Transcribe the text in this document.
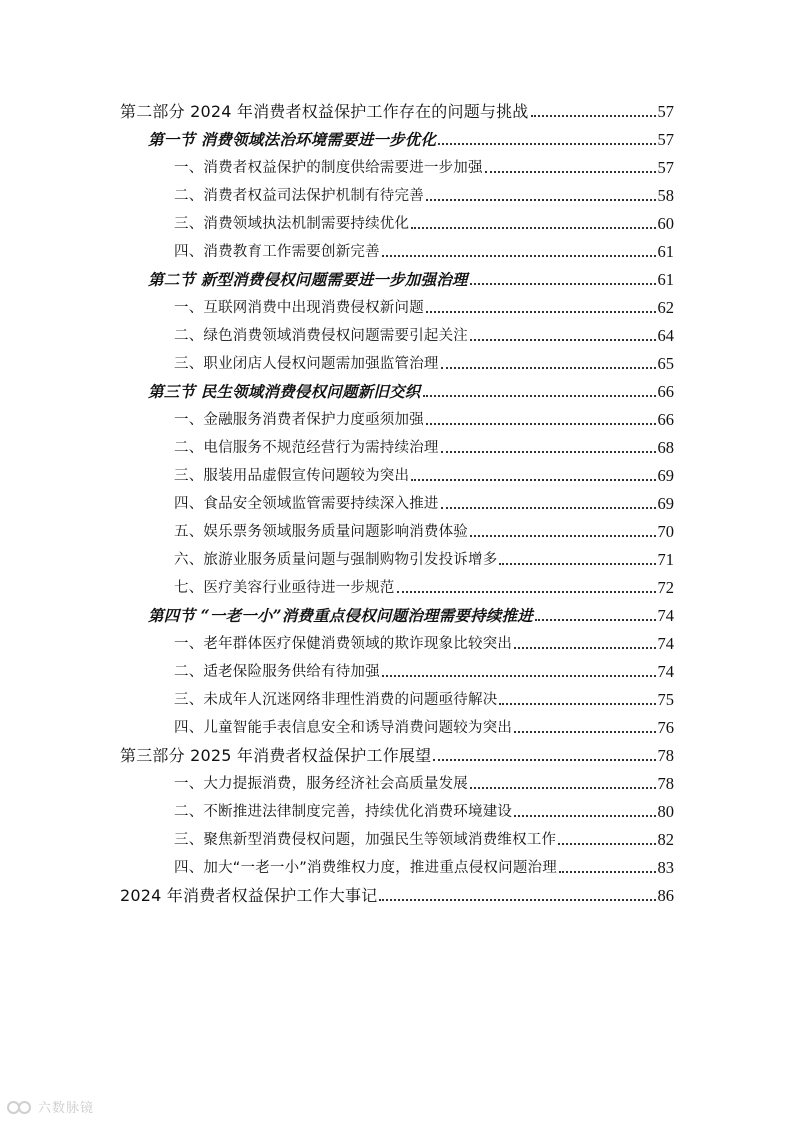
第二部分 2024 年消费者权益保护工作存在的问题与挑战	57
第一节 消费领域法治环境需要进一步优化	57
一、消费者权益保护的制度供给需要进一步加强	57
二、消费者权益司法保护机制有待完善	58
三、消费领域执法机制需要持续优化	60
四、消费教育工作需要创新完善	61
第二节 新型消费侵权问题需要进一步加强治理	61
一、互联网消费中出现消费侵权新问题	62
二、绿色消费领域消费侵权问题需要引起关注	64
三、职业闭店人侵权问题需加强监管治理	65
第三节 民生领域消费侵权问题新旧交织	66
一、金融服务消费者保护力度亟须加强	66
二、电信服务不规范经营行为需持续治理	68
三、服装用品虚假宣传问题较为突出	69
四、食品安全领域监管需要持续深入推进	69
五、娱乐票务领域服务质量问题影响消费体验	70
六、旅游业服务质量问题与强制购物引发投诉增多	71
七、医疗美容行业亟待进一步规范	72
第四节 “一老一小”消费重点侵权问题治理需要持续推进	74
一、老年群体医疗保健消费领域的欺诈现象比较突出	74
二、适老保险服务供给有待加强	74
三、未成年人沉迷网络非理性消费的问题亟待解决	75
四、儿童智能手表信息安全和诱导消费问题较为突出	76
第三部分 2025 年消费者权益保护工作展望	78
一、大力提振消费，服务经济社会高质量发展	78
二、不断推进法律制度完善，持续优化消费环境建设	80
三、聚焦新型消费侵权问题，加强民生等领域消费维权工作	82
四、加大“一老一小”消费维权力度，推进重点侵权问题治理	83
2024 年消费者权益保护工作大事记	86
六数脉镜
